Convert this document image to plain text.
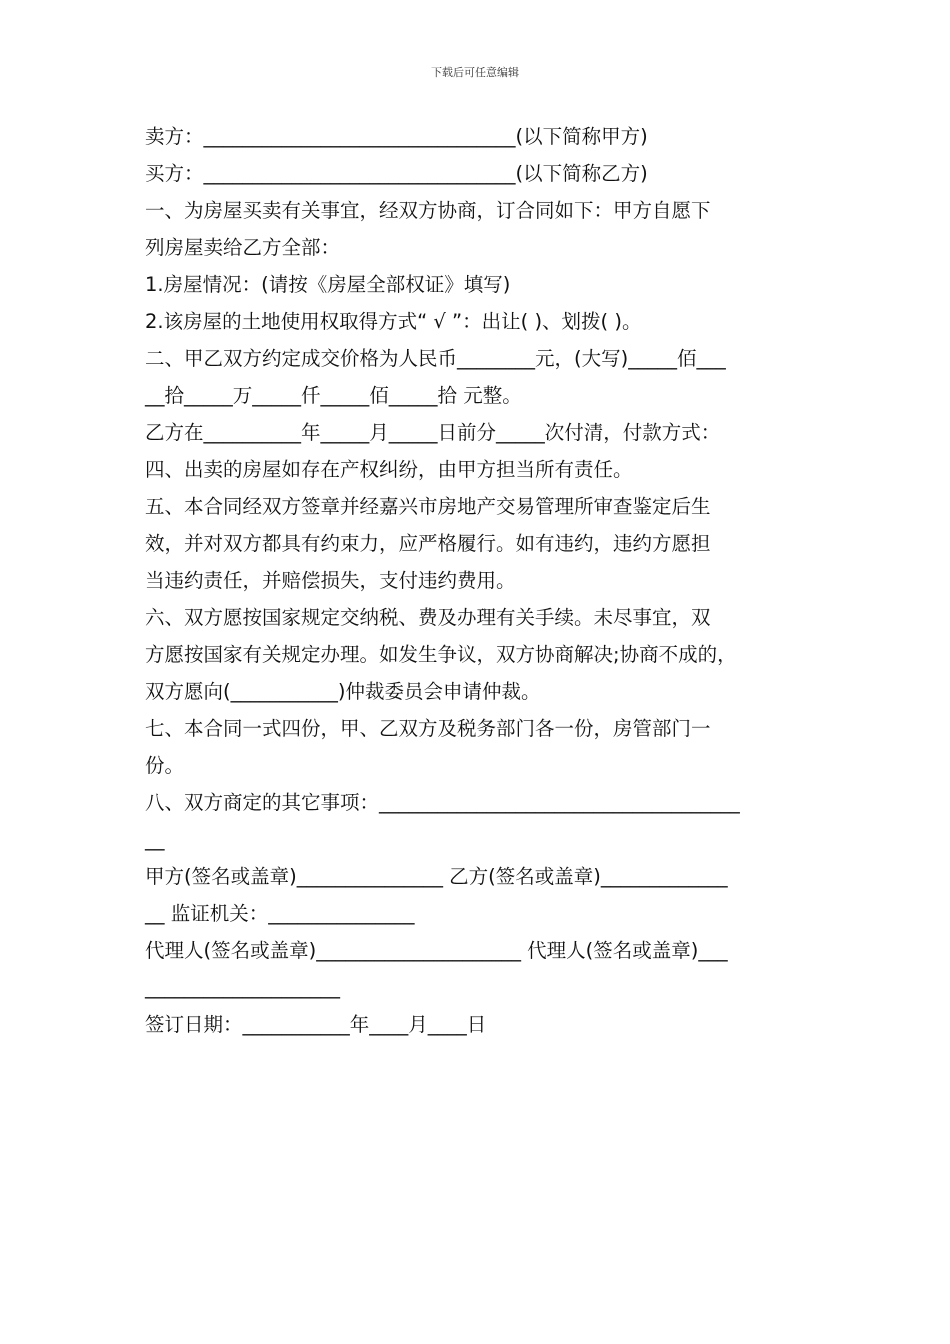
下载后可任意编辑
卖方：________________________________(以下简称甲方)
买方：________________________________(以下简称乙方)
一、为房屋买卖有关事宜，经双方协商，订合同如下：甲方自愿下
列房屋卖给乙方全部：
1.房屋情况：(请按《房屋全部权证》填写)
2.该房屋的土地使用权取得方式“ √ ”：出让( )、划拨( )。
二、甲乙双方约定成交价格为人民币________元，(大写)_____佰___
__拾_____万_____仟_____佰_____拾 元整。
乙方在__________年_____月_____日前分_____次付清，付款方式：
四、出卖的房屋如存在产权纠纷，由甲方担当所有责任。
五、本合同经双方签章并经嘉兴市房地产交易管理所审查鉴定后生
效，并对双方都具有约束力，应严格履行。如有违约，违约方愿担
当违约责任，并赔偿损失，支付违约费用。
六、双方愿按国家规定交纳税、费及办理有关手续。未尽事宜，双
方愿按国家有关规定办理。如发生争议，双方协商解决;协商不成的，
双方愿向(___________)仲裁委员会申请仲裁。
七、本合同一式四份，甲、乙双方及税务部门各一份，房管部门一
份。
八、双方商定的其它事项：_____________________________________
__
甲方(签名或盖章)_______________ 乙方(签名或盖章)_____________
__ 监证机关：_______________
代理人(签名或盖章)_____________________ 代理人(签名或盖章)___
____________________
签订日期：___________年____月____日
